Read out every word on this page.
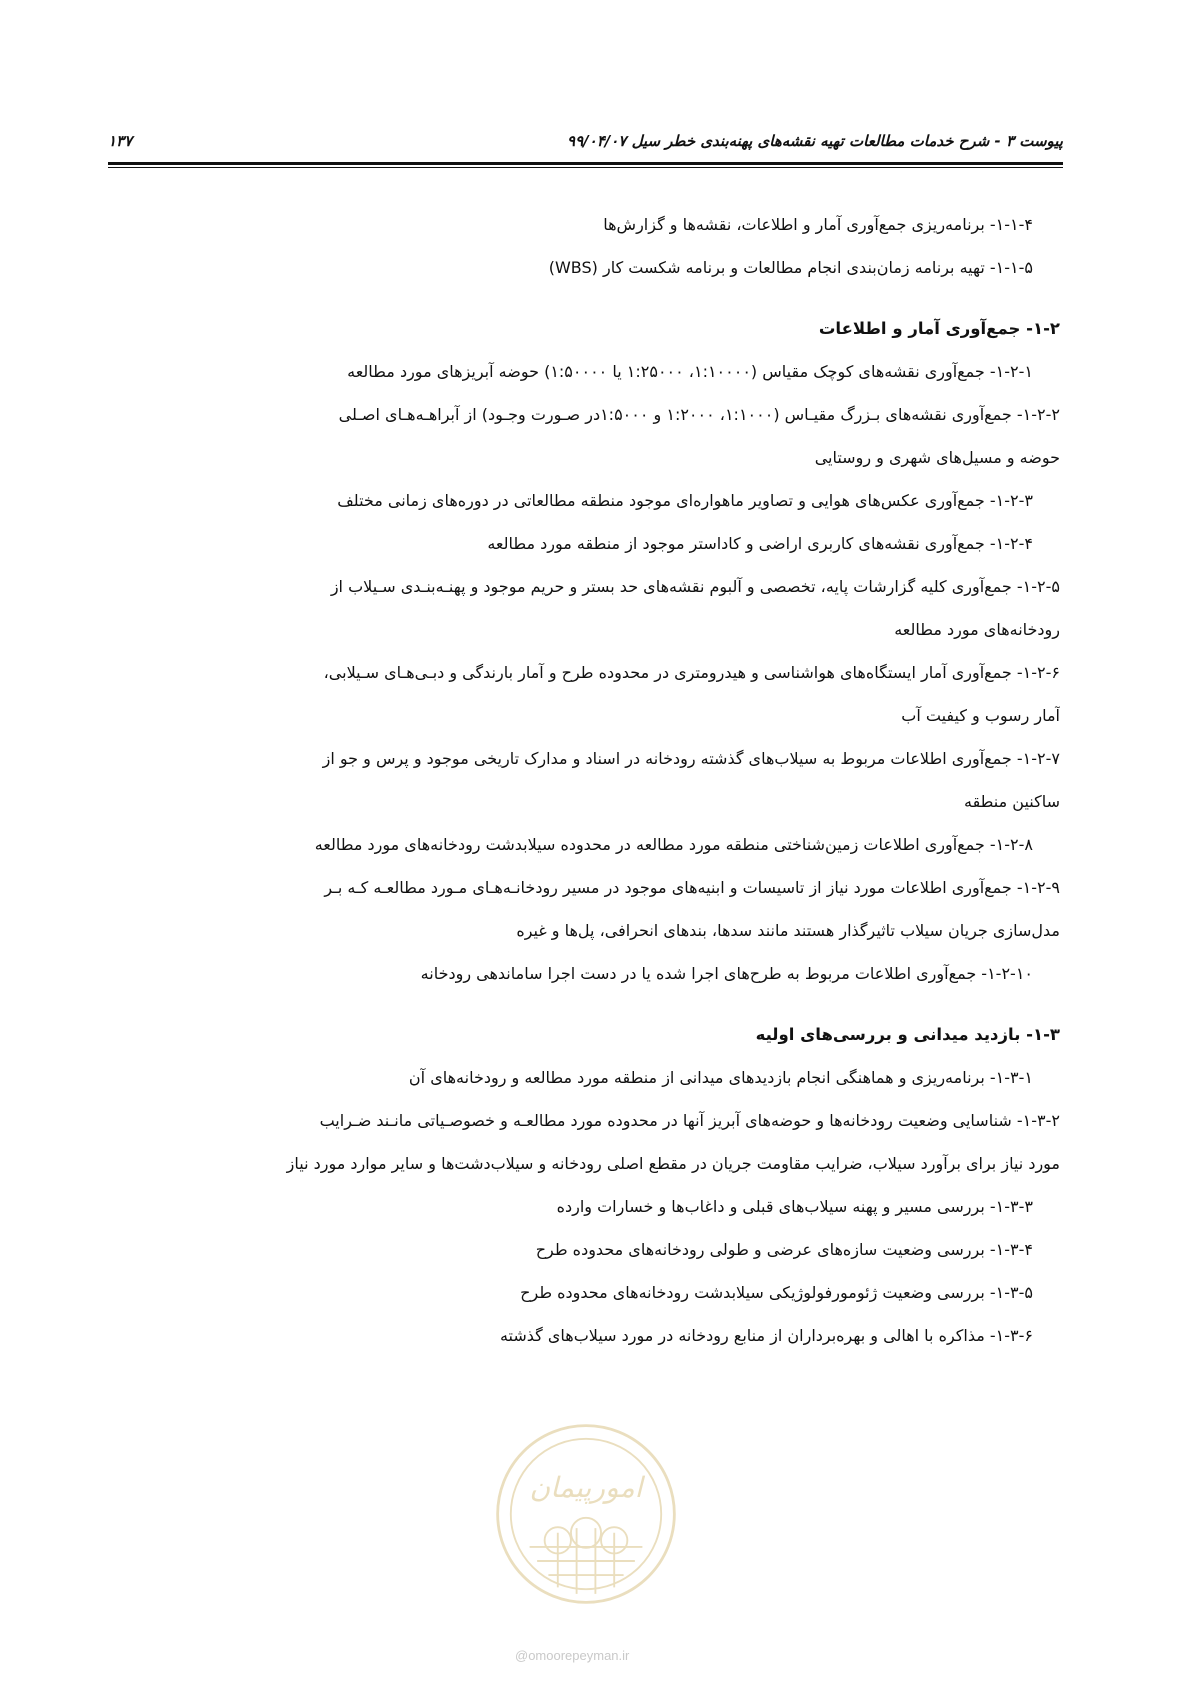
پیوست ۳ - شرح خدمات مطالعات تهیه نقشه‌های پهنه‌بندی خطر سیل ۹۹/۰۴/۰۷
۱۳۷
۱-۱-۴- برنامه‌ریزی جمع‌آوری آمار و اطلاعات، نقشه‌ها و گزارش‌ها
۱-۱-۵- تهیه برنامه زمان‌بندی انجام مطالعات و برنامه شکست کار (WBS)
۱-۲- جمع‌آوری آمار و اطلاعات
۱-۲-۱- جمع‌آوری نقشه‌های کوچک مقیاس (۱:۱۰۰۰۰، ۱:۲۵۰۰۰ یا ۱:۵۰۰۰۰) حوضه آبریزهای مورد مطالعه
۱-۲-۲- جمع‌آوری نقشه‌های بـزرگ مقیـاس (۱:۱۰۰۰، ۱:۲۰۰۰ و ۱:۵۰۰۰در صـورت وجـود) از آبراهـه‌هـای اصـلی
حوضه و مسیل‌های شهری و روستایی
۱-۲-۳- جمع‌آوری عکس‌های هوایی و تصاویر ماهواره‌ای موجود منطقه مطالعاتی در دوره‌های زمانی مختلف
۱-۲-۴- جمع‌آوری نقشه‌های کاربری اراضی و کاداستر موجود از منطقه مورد مطالعه
۱-۲-۵- جمع‌آوری کلیه گزارشات پایه، تخصصی و آلبوم نقشه‌های حد بستر و حریم موجود و پهنـه‌بنـدی سـیلاب از
رودخانه‌های مورد مطالعه
۱-۲-۶- جمع‌آوری آمار ایستگاه‌های هواشناسی و هیدرومتری در محدوده طرح و آمار بارندگی و دبـی‌هـای سـیلابی،
آمار رسوب و کیفیت آب
۱-۲-۷- جمع‌آوری اطلاعات مربوط به سیلاب‌های گذشته رودخانه در اسناد و مدارک تاریخی موجود و پرس و جو از
ساکنین منطقه
۱-۲-۸- جمع‌آوری اطلاعات زمین‌شناختی منطقه مورد مطالعه در محدوده سیلابدشت رودخانه‌های مورد مطالعه
۱-۲-۹- جمع‌آوری اطلاعات مورد نیاز از تاسیسات و ابنیه‌های موجود در مسیر رودخانـه‌هـای مـورد مطالعـه کـه بـر
مدل‌سازی جریان سیلاب تاثیرگذار هستند مانند سدها، بندهای انحرافی، پل‌ها و غیره
۱-۲-۱۰- جمع‌آوری اطلاعات مربوط به طرح‌های اجرا شده یا در دست اجرا ساماندهی رودخانه
۱-۳- بازدید میدانی و بررسی‌های اولیه
۱-۳-۱- برنامه‌ریزی و هماهنگی انجام بازدیدهای میدانی از منطقه مورد مطالعه و رودخانه‌های آن
۱-۳-۲- شناسایی وضعیت رودخانه‌ها و حوضه‌های آبریز آنها در محدوده مورد مطالعـه و خصوصـیاتی مانـند ضـرایب
مورد نیاز برای برآورد سیلاب، ضرایب مقاومت جریان در مقطع اصلی رودخانه و سیلاب‌دشت‌ها و سایر موارد مورد نیاز
۱-۳-۳- بررسی مسیر و پهنه سیلاب‌های قبلی و داغاب‌ها و خسارات وارده
۱-۳-۴- بررسی وضعیت سازه‌های عرضی و طولی رودخانه‌های محدوده طرح
۱-۳-۵- بررسی وضعیت ژئومورفولوژیکی سیلابدشت رودخانه‌های محدوده طرح
۱-۳-۶- مذاکره با اهالی و بهره‌برداران از منابع رودخانه در مورد سیلاب‌های گذشته
امورپیمان
@omoorepeyman.ir
